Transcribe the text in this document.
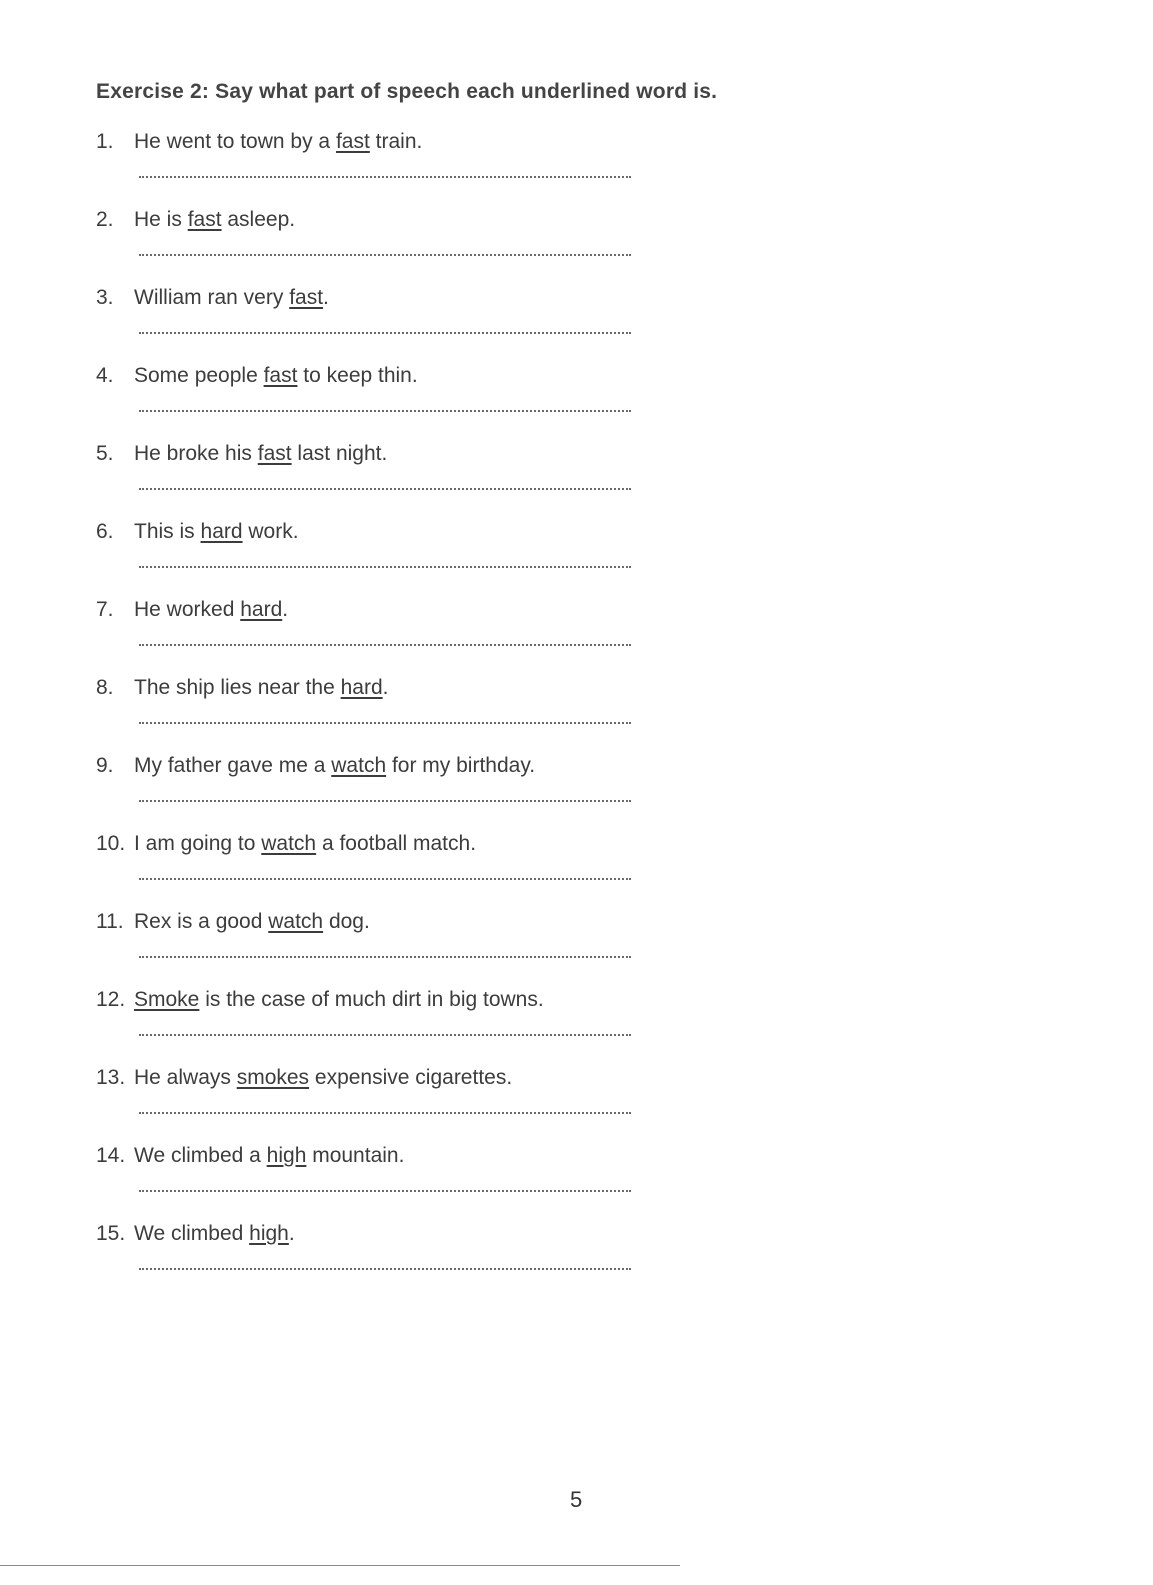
Exercise 2: Say what part of speech each underlined word is.
1. He went to town by a fast train.
2. He is fast asleep.
3. William ran very fast.
4. Some people fast to keep thin.
5. He broke his fast last night.
6. This is hard work.
7. He worked hard.
8. The ship lies near the hard.
9. My father gave me a watch for my birthday.
10. I am going to watch a football match.
11. Rex is a good watch dog.
12. Smoke is the case of much dirt in big towns.
13. He always smokes expensive cigarettes.
14. We climbed a high mountain.
15. We climbed high.
5
